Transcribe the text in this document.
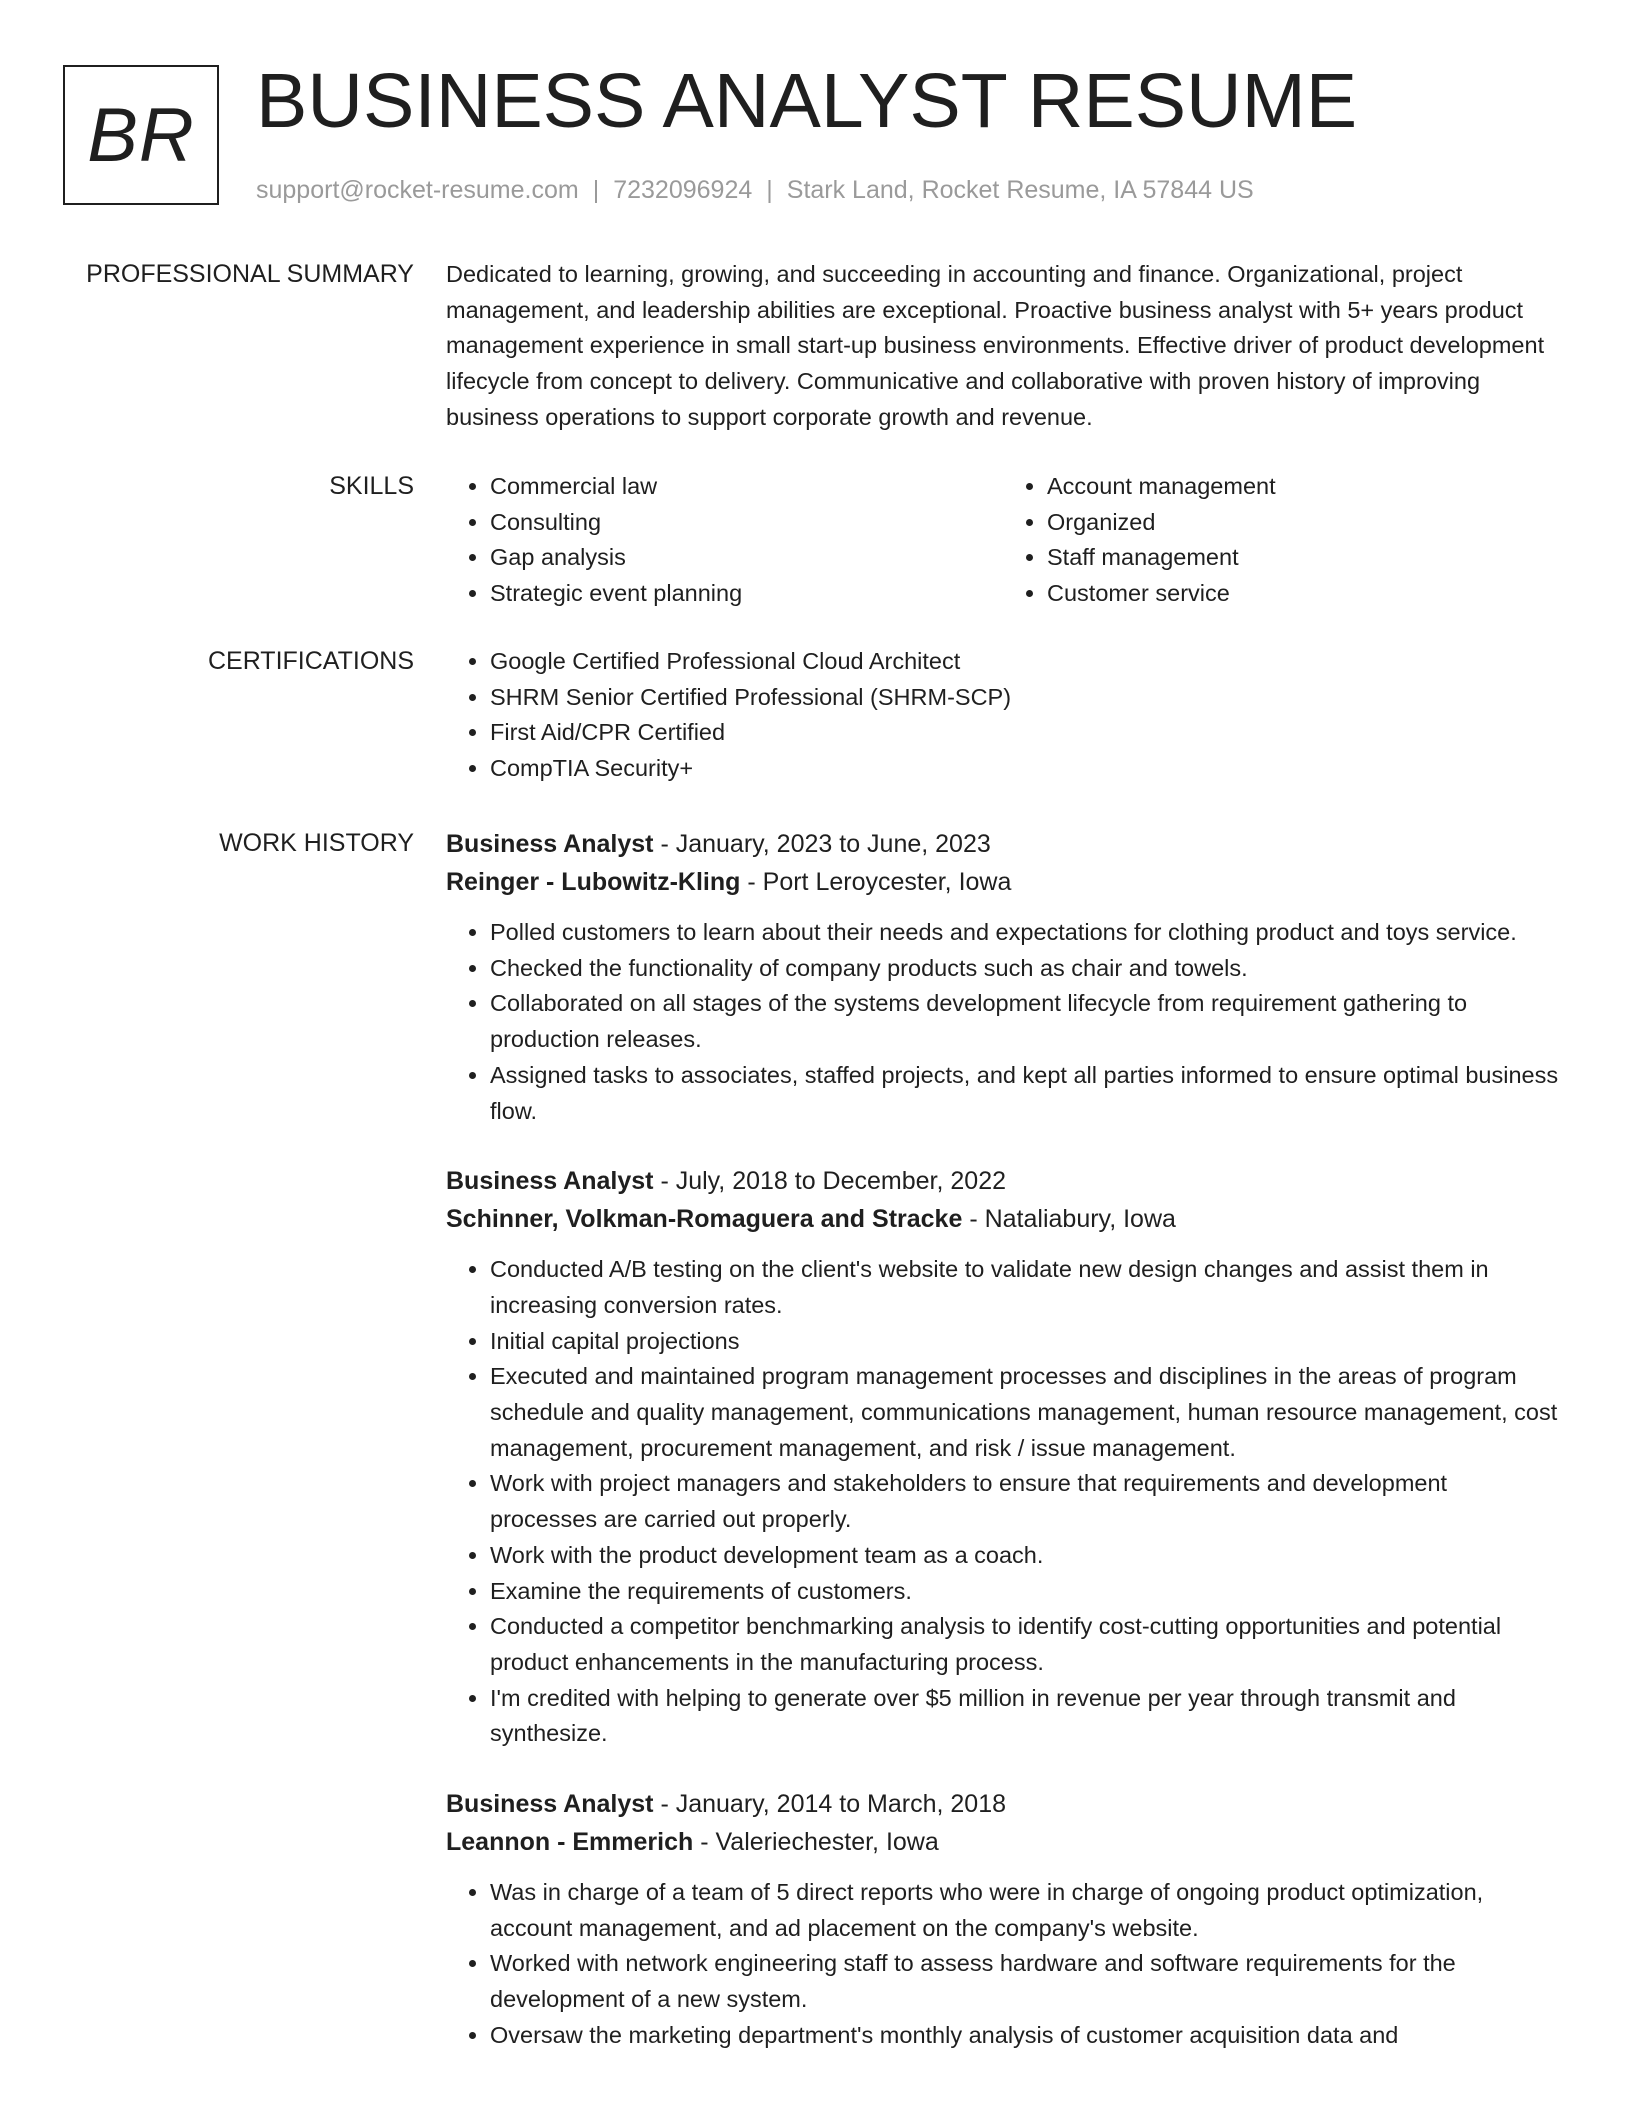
BR BUSINESS ANALYST RESUME
support@rocket-resume.com | 7232096924 | Stark Land, Rocket Resume, IA 57844 US
PROFESSIONAL SUMMARY Dedicated to learning, growing, and succeeding in accounting and finance. Organizational, project management, and leadership abilities are exceptional. Proactive business analyst with 5+ years product management experience in small start-up business environments. Effective driver of product development lifecycle from concept to delivery. Communicative and collaborative with proven history of improving business operations to support corporate growth and revenue.

SKILLS	• Commercial law
• Consulting
• Gap analysis
• Strategic event planning
• Account management
• Organized
• Staff management
• Customer service
CERTIFICATIONS	• Google Certified Professional Cloud Architect
• SHRM Senior Certified Professional (SHRM-SCP)
• First Aid/CPR Certified
• CompTIA Security+
WORK HISTORY Business Analyst - January, 2023 to June, 2023
Reinger - Lubowitz-Kling - Port Leroycester, Iowa
• Polled customers to learn about their needs and expectations for clothing product and toys service.
• Checked the functionality of company products such as chair and towels.
• Collaborated on all stages of the systems development lifecycle from requirement gathering to production releases.
• Assigned tasks to associates, staffed projects, and kept all parties informed to ensure optimal business flow.
Business Analyst - July, 2018 to December, 2022
Schinner, Volkman-Romaguera and Stracke - Nataliabury, Iowa
• Conducted A/B testing on the client's website to validate new design changes and assist them in increasing conversion rates.
• Initial capital projections
• Executed and maintained program management processes and disciplines in the areas of program schedule and quality management, communications management, human resource management, cost management, procurement management, and risk / issue management.
• Work with project managers and stakeholders to ensure that requirements and development processes are carried out properly.
• Work with the product development team as a coach.
• Examine the requirements of customers.
• Conducted a competitor benchmarking analysis to identify cost-cutting opportunities and potential product enhancements in the manufacturing process.
• I'm credited with helping to generate over $5 million in revenue per year through transmit and synthesize.
Business Analyst - January, 2014 to March, 2018
Leannon - Emmerich - Valeriechester, Iowa
• Was in charge of a team of 5 direct reports who were in charge of ongoing product optimization, account management, and ad placement on the company's website.
• Worked with network engineering staff to assess hardware and software requirements for the development of a new system.
• Oversaw the marketing department's monthly analysis of customer acquisition data and
